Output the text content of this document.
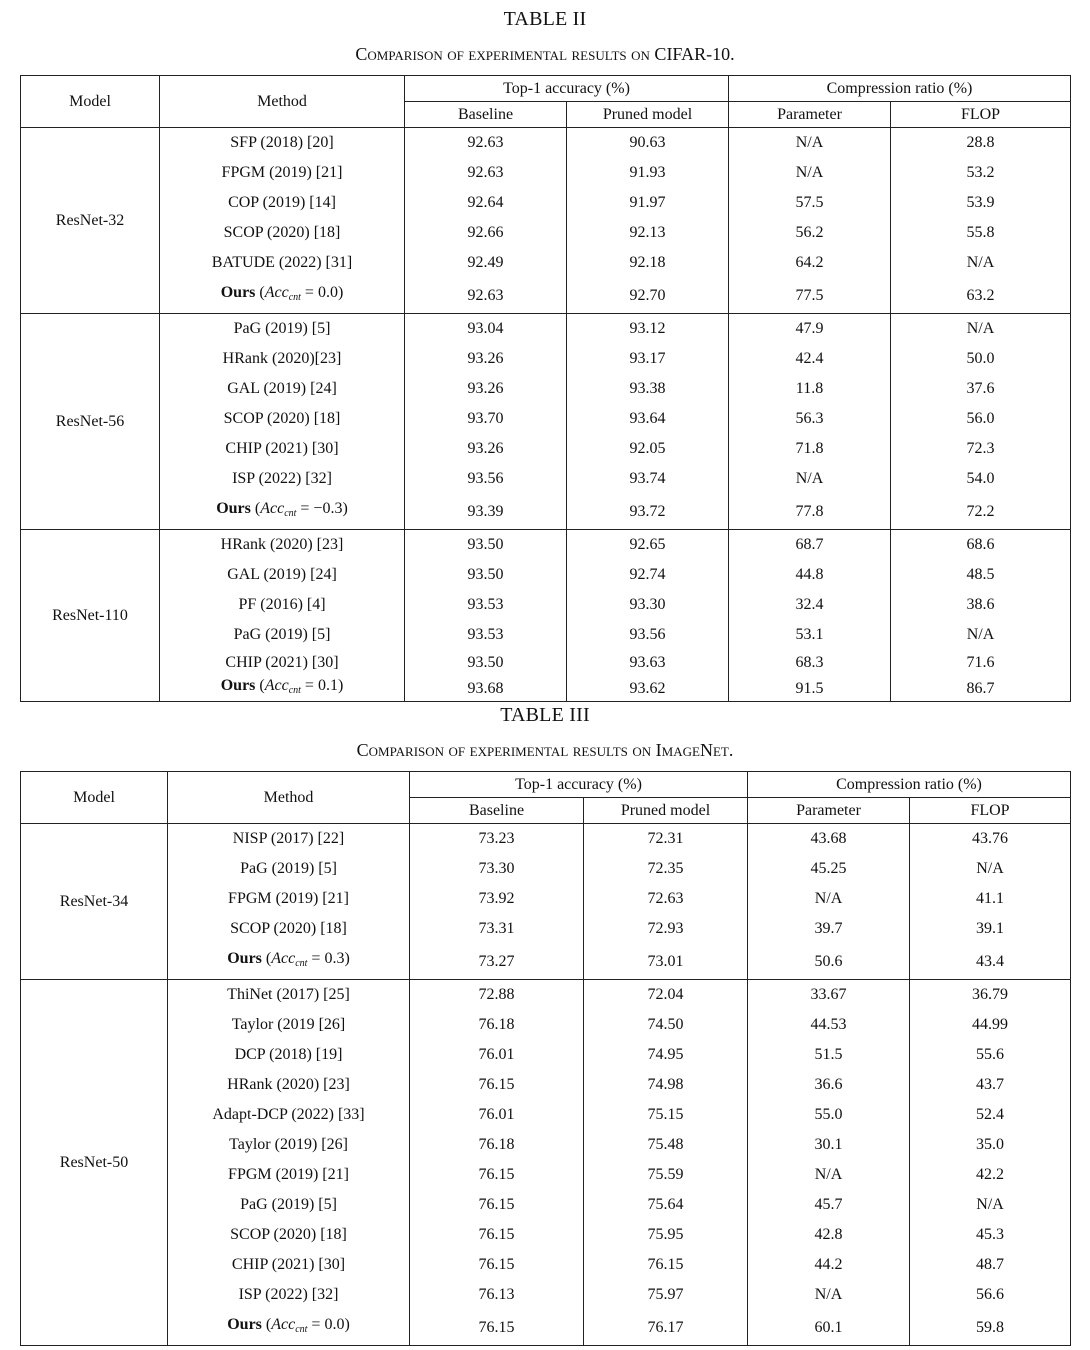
TABLE II
Comparison of experimental results on CIFAR-10.
Model	Method	Top-1 accuracy (%)		Compression ratio (%)	
		Baseline	Pruned model	Parameter	FLOP
ResNet-32	SFP (2018) [20]	92.63	90.63	N/A	28.8
	FPGM (2019) [21]	92.63	91.93	N/A	53.2
	COP (2019) [14]	92.64	91.97	57.5	53.9
	SCOP (2020) [18]	92.66	92.13	56.2	55.8
	BATUDE (2022) [31]	92.49	92.18	64.2	N/A
	Ours (Acc$_{cnt}$ = 0.0)	92.63	92.70	77.5	63.2
ResNet-56	PaG (2019) [5]	93.04	93.12	47.9	N/A
	HRank (2020)[23]	93.26	93.17	42.4	50.0
	GAL (2019) [24]	93.26	93.38	11.8	37.6
	SCOP (2020) [18]	93.70	93.64	56.3	56.0
	CHIP (2021) [30]	93.26	92.05	71.8	72.3
	ISP (2022) [32]	93.56	93.74	N/A	54.0
	Ours (Acc$_{cnt}$ = −0.3)	93.39	93.72	77.8	72.2
ResNet-110	HRank (2020) [23]	93.50	92.65	68.7	68.6
	GAL (2019) [24]	93.50	92.74	44.8	48.5
	PF (2016) [4]	93.53	93.30	32.4	38.6
	PaG (2019) [5]	93.53	93.56	53.1	N/A
	CHIP (2021) [30]	93.50	93.63	68.3	71.6
	Ours (Acc$_{cnt}$ = 0.1)	93.68	93.62	91.5	86.7
TABLE III
Comparison of experimental results on ImageNet.
Model	Method	Top-1 accuracy (%)		Compression ratio (%)	
		Baseline	Pruned model	Parameter	FLOP
ResNet-34	NISP (2017) [22]	73.23	72.31	43.68	43.76
	PaG (2019) [5]	73.30	72.35	45.25	N/A
	FPGM (2019) [21]	73.92	72.63	N/A	41.1
	SCOP (2020) [18]	73.31	72.93	39.7	39.1
	Ours (Acc$_{cnt}$ = 0.3)	73.27	73.01	50.6	43.4
ResNet-50	ThiNet (2017) [25]	72.88	72.04	33.67	36.79
	Taylor (2019 [26]	76.18	74.50	44.53	44.99
	DCP (2018) [19]	76.01	74.95	51.5	55.6
	HRank (2020) [23]	76.15	74.98	36.6	43.7
	Adapt-DCP (2022) [33]	76.01	75.15	55.0	52.4
	Taylor (2019) [26]	76.18	75.48	30.1	35.0
	FPGM (2019) [21]	76.15	75.59	N/A	42.2
	PaG (2019) [5]	76.15	75.64	45.7	N/A
	SCOP (2020) [18]	76.15	75.95	42.8	45.3
	CHIP (2021) [30]	76.15	76.15	44.2	48.7
	ISP (2022) [32]	76.13	75.97	N/A	56.6
	Ours (Acc$_{cnt}$ = 0.0)	76.15	76.17	60.1	59.8
